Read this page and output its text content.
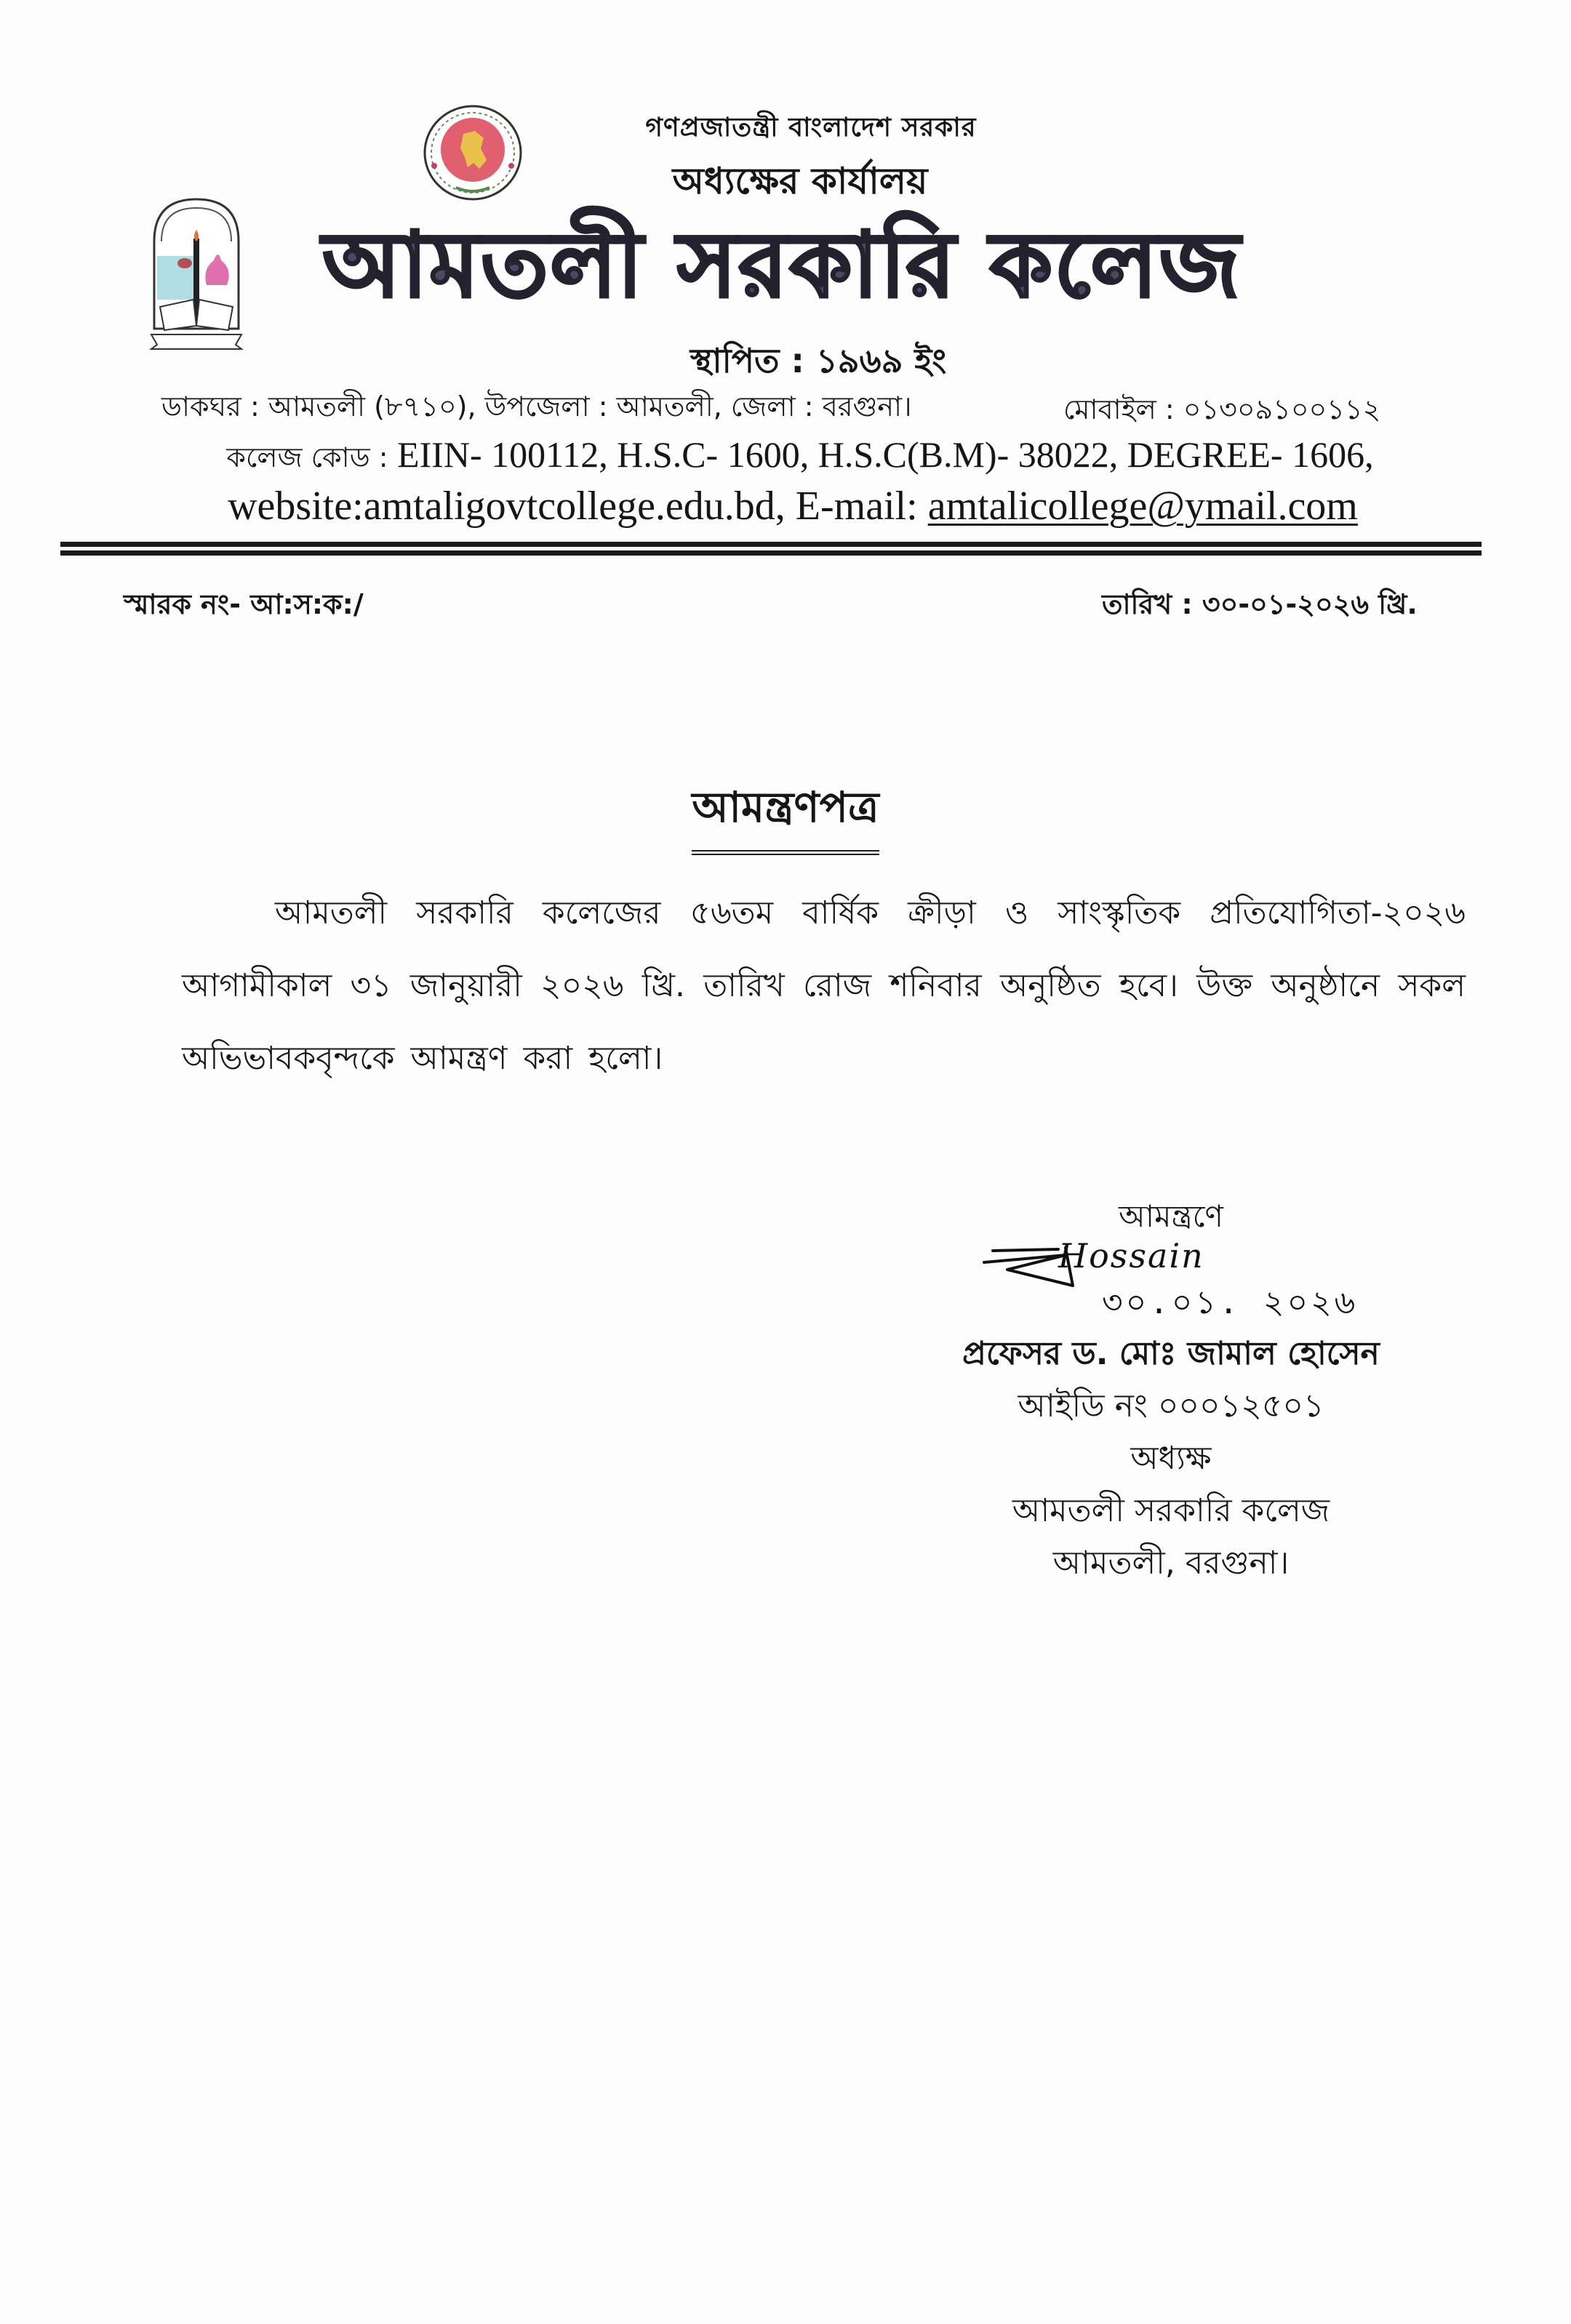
গণপ্রজাতন্ত্রী বাংলাদেশ সরকার
অধ্যক্ষের কার্যালয়
আমতলী সরকারি কলেজ
স্থাপিত : ১৯৬৯ ইং
ডাকঘর : আমতলী (৮৭১০), উপজেলা : আমতলী, জেলা : বরগুনা।	মোবাইল : ০১৩০৯১০০১১২
কলেজ কোড : EIIN- 100112, H.S.C- 1600, H.S.C(B.M)- 38022, DEGREE- 1606,
website:amtaligovtcollege.edu.bd, E-mail: amtalicollege@ymail.com
স্মারক নং- আ:স:ক:/	তারিখ : ৩০-০১-২০২৬ খ্রি.
আমন্ত্রণপত্র
আমতলী সরকারি কলেজের ৫৬তম বার্ষিক ক্রীড়া ও সাংস্কৃতিক প্রতিযোগিতা-২০২৬ আগামীকাল ৩১ জানুয়ারী ২০২৬ খ্রি. তারিখ রোজ শনিবার অনুষ্ঠিত হবে। উক্ত অনুষ্ঠানে সকল অভিভাবকবৃন্দকে আমন্ত্রণ করা হলো।
আমন্ত্রণে
Hossain
৩০.০১. ২০২৬
প্রফেসর ড. মোঃ জামাল হোসেন
আইডি নং ০০০১২৫০১
অধ্যক্ষ
আমতলী সরকারি কলেজ
আমতলী, বরগুনা।
